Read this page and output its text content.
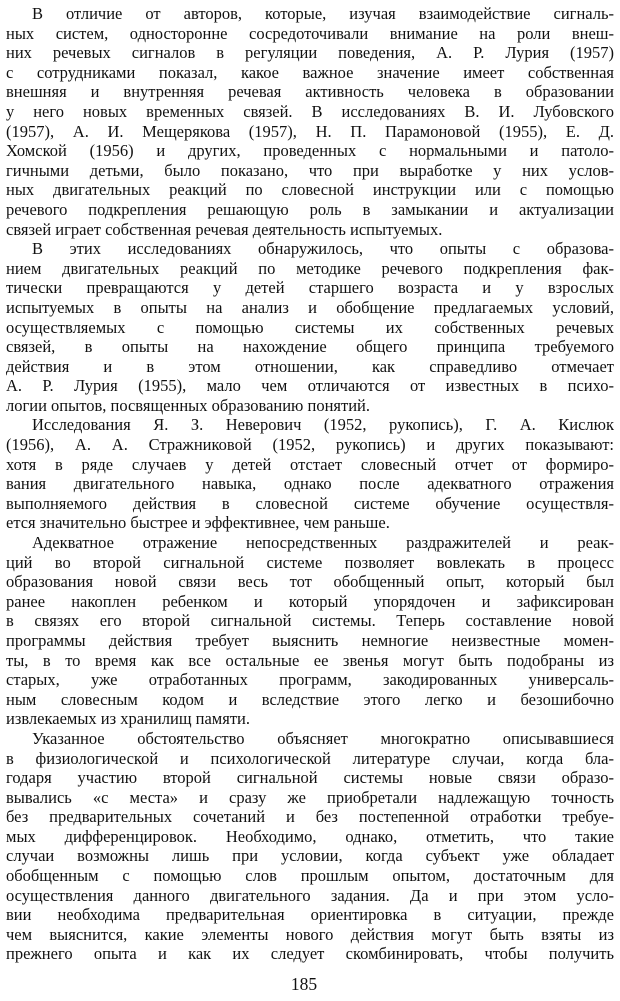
В отличие от авторов, которые, изучая взаимодействие сигналь-
ных систем, односторонне сосредоточивали внимание на роли внеш-
них речевых сигналов в регуляции поведения, А. Р. Лурия (1957)
с сотрудниками показал, какое важное значение имеет собственная
внешняя и внутренняя речевая активность человека в образовании
у него новых временных связей. В исследованиях В. И. Лубовского
(1957), А. И. Мещерякова (1957), Н. П. Парамоновой (1955), Е. Д.
Хомской (1956) и других, проведенных с нормальными и патоло-
гичными детьми, было показано, что при выработке у них услов-
ных двигательных реакций по словесной инструкции или с помощью
речевого подкрепления решающую роль в замыкании и актуализации
связей играет собственная речевая деятельность испытуемых.
В этих исследованиях обнаружилось, что опыты с образова-
нием двигательных реакций по методике речевого подкрепления фак-
тически превращаются у детей старшего возраста и у взрослых
испытуемых в опыты на анализ и обобщение предлагаемых условий,
осуществляемых с помощью системы их собственных речевых
связей, в опыты на нахождение общего принципа требуемого
действия и в этом отношении, как справедливо отмечает
А. Р. Лурия (1955), мало чем отличаются от известных в психо-
логии опытов, посвященных образованию понятий.
Исследования Я. З. Неверович (1952, рукопись), Г. А. Кислюк
(1956), А. А. Стражниковой (1952, рукопись) и других показывают:
хотя в ряде случаев у детей отстает словесный отчет от формиро-
вания двигательного навыка, однако после адекватного отражения
выполняемого действия в словесной системе обучение осуществля-
ется значительно быстрее и эффективнее, чем раньше.
Адекватное отражение непосредственных раздражителей и реак-
ций во второй сигнальной системе позволяет вовлекать в процесс
образования новой связи весь тот обобщенный опыт, который был
ранее накоплен ребенком и который упорядочен и зафиксирован
в связях его второй сигнальной системы. Теперь составление новой
программы действия требует выяснить немногие неизвестные момен-
ты, в то время как все остальные ее звенья могут быть подобраны из
старых, уже отработанных программ, закодированных универсаль-
ным словесным кодом и вследствие этого легко и безошибочно
извлекаемых из хранилищ памяти.
Указанное обстоятельство объясняет многократно описывавшиеся
в физиологической и психологической литературе случаи, когда бла-
годаря участию второй сигнальной системы новые связи образо-
вывались «с места» и сразу же приобретали надлежащую точность
без предварительных сочетаний и без постепенной отработки требуе-
мых дифференцировок. Необходимо, однако, отметить, что такие
случаи возможны лишь при условии, когда субъект уже обладает
обобщенным с помощью слов прошлым опытом, достаточным для
осуществления данного двигательного задания. Да и при этом усло-
вии необходима предварительная ориентировка в ситуации, прежде
чем выяснится, какие элементы нового действия могут быть взяты из
прежнего опыта и как их следует скомбинировать, чтобы получить
185
